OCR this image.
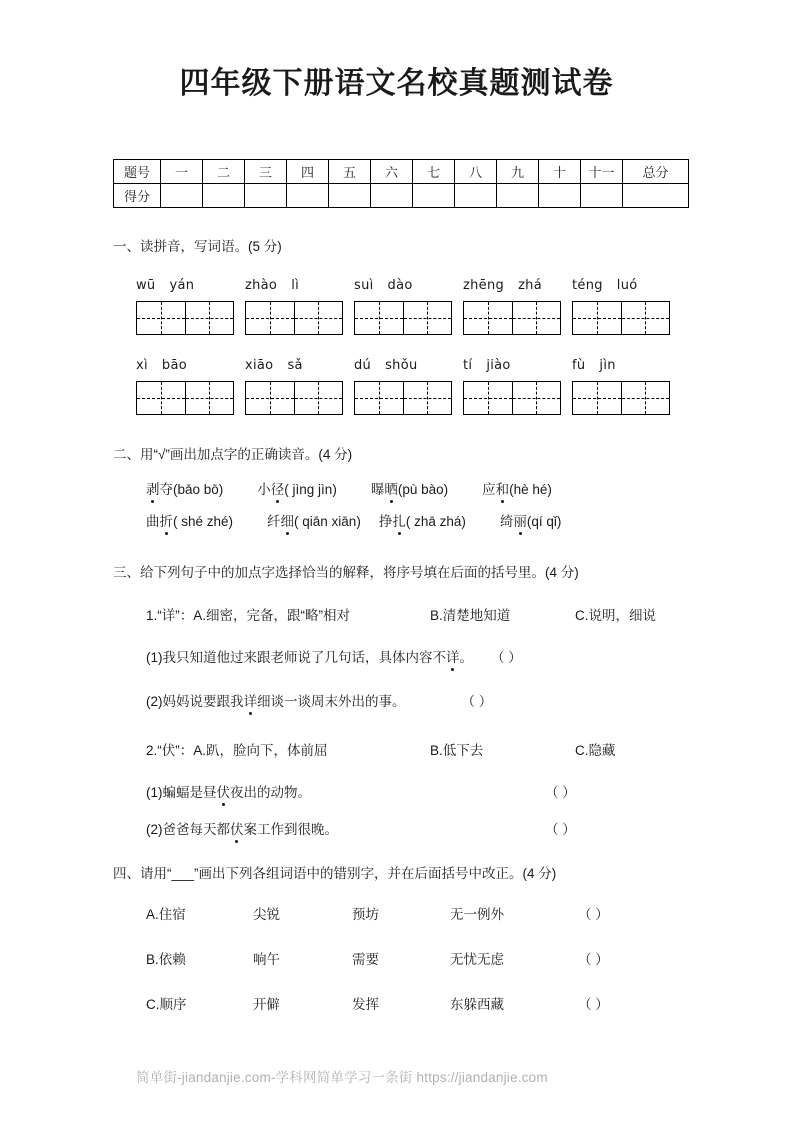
四年级下册语文名校真题测试卷
题号	一	二	三	四	五	六	七	八	九	十	十一	总分
得分												
一、读拼音，写词语。(5 分)
wū yán	zhào lì	suì dào	zhēng zhá	téng luó
xì bāo	xiāo sǎ	dú shǒu	tí jiào	fù jìn
二、用“√”画出加点字的正确读音。(4 分)
剥夺(bāo bō)	小径( jìng jìn)	曝晒(pù bào)	应和(hè hé)
曲折( shé zhé)	纤细( qiān xiān) 挣扎( zhā zhá)	绮丽(qí qǐ)
三、给下列句子中的加点字选择恰当的解释，将序号填在后面的括号里。(4 分)
1.“详”：A.细密，完备，跟“略”相对	B.清楚地知道	C.说明，细说
(1)我只知道他过来跟老师说了几句话，具体内容不详。 （ ）
(2)妈妈说要跟我详细谈一谈周末外出的事。	（ ）
2.“伏”：A.趴，脸向下，体前屈	B.低下去	C.隐藏
(1)蝙蝠是昼伏夜出的动物。	（ ）
(2)爸爸每天都伏案工作到很晚。	（ ）
四、请用“___”画出下列各组词语中的错别字，并在后面括号中改正。(4 分)
A.住宿	尖锐	预坊	无一例外	（ ）
B.依赖	响午	需要	无忧无虑	（ ）
C.顺序	开僻	发挥	东躲西藏	（ ）
简单街-jiandanjie.com-学科网简单学习一条街 https://jiandanjie.com
